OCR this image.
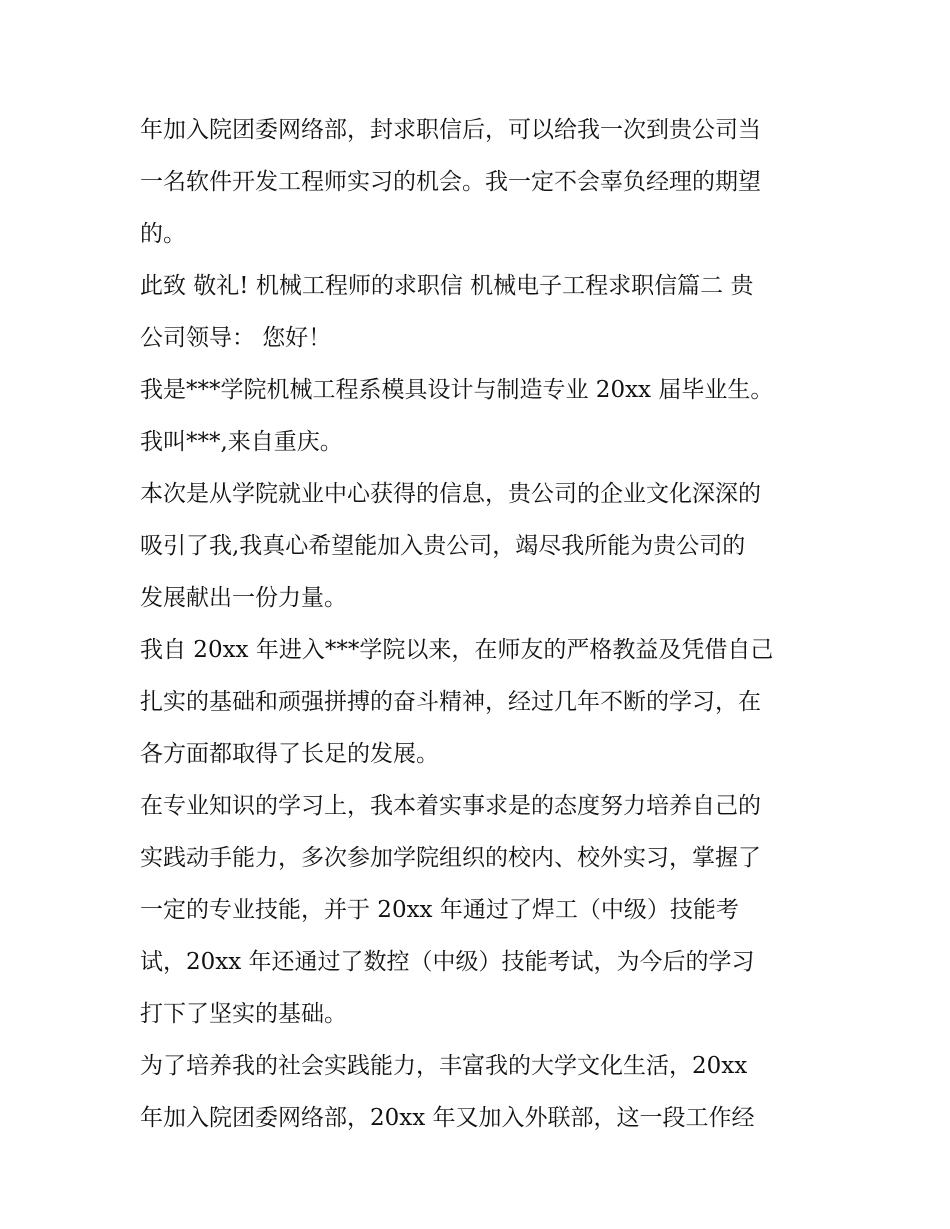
年加入院团委网络部，封求职信后，可以给我一次到贵公司当
一名软件开发工程师实习的机会。我一定不会辜负经理的期望
的。
此致 敬礼! 机械工程师的求职信 机械电子工程求职信篇二 贵
公司领导： 您好！
我是***学院机械工程系模具设计与制造专业 20xx 届毕业生。
我叫***,来自重庆。
本次是从学院就业中心获得的信息，贵公司的企业文化深深的
吸引了我,我真心希望能加入贵公司，竭尽我所能为贵公司的
发展献出一份力量。
我自 20xx 年进入***学院以来，在师友的严格教益及凭借自己
扎实的基础和顽强拼搏的奋斗精神，经过几年不断的学习，在
各方面都取得了长足的发展。
在专业知识的学习上，我本着实事求是的态度努力培养自己的
实践动手能力，多次参加学院组织的校内、校外实习，掌握了
一定的专业技能，并于 20xx 年通过了焊工（中级）技能考
试，20xx 年还通过了数控（中级）技能考试，为今后的学习
打下了坚实的基础。
为了培养我的社会实践能力，丰富我的大学文化生活，20xx
年加入院团委网络部，20xx 年又加入外联部，这一段工作经
